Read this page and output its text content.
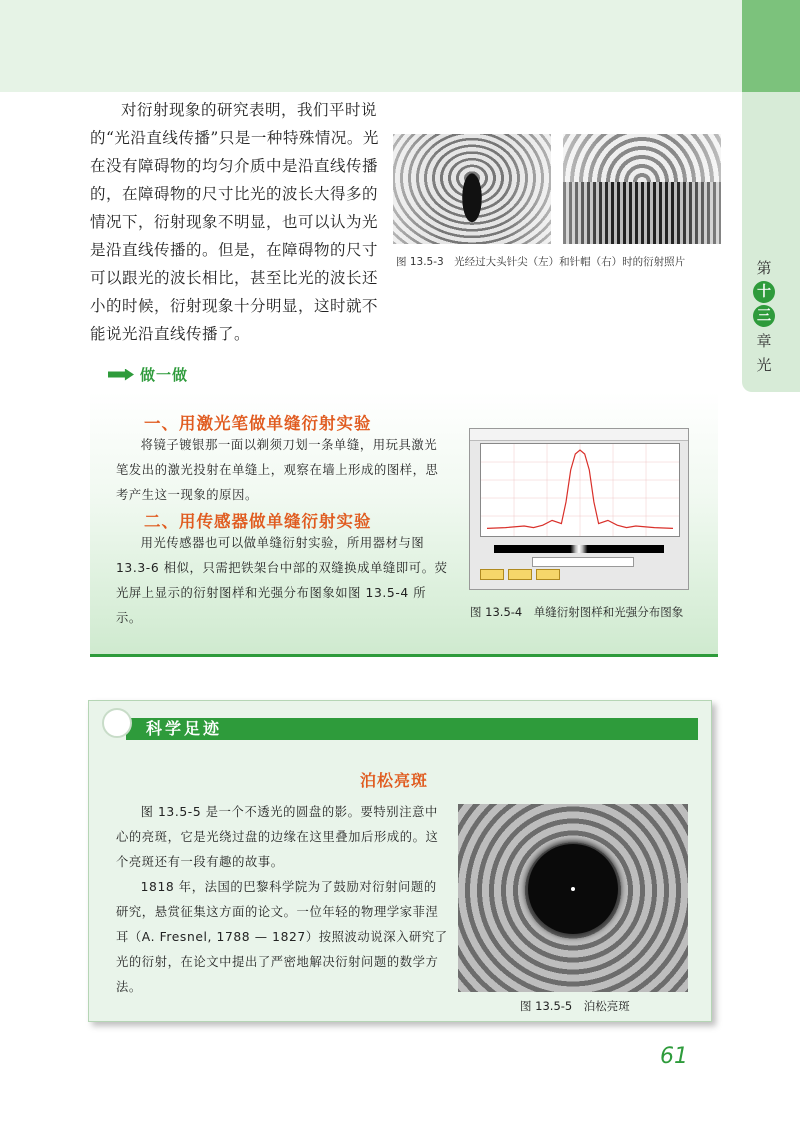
第
十
三
章
光

对衍射现象的研究表明，我们平时说的“光沿直线传播”只是一种特殊情况。光在没有障碍物的均匀介质中是沿直线传播的，在障碍物的尺寸比光的波长大得多的情况下，衍射现象不明显，也可以认为光是沿直线传播的。但是，在障碍物的尺寸可以跟光的波长相比，甚至比光的波长还小的时候，衍射现象十分明显，这时就不能说光沿直线传播了。

图 13.5-3　光经过大头针尖（左）和针帽（右）时的衍射照片
做一做
一、用激光笔做单缝衍射实验

将镜子镀银那一面以剃须刀划一条单缝，用玩具激光笔发出的激光投射在单缝上，观察在墙上形成的图样，思考产生这一现象的原因。

二、用传感器做单缝衍射实验

用光传感器也可以做单缝衍射实验，所用器材与图 13.3-6 相似，只需把铁架台中部的双缝换成单缝即可。荧光屏上显示的衍射图样和光强分布图象如图 13.5-4 所示。	图 13.5-4　单缝衍射图样和光强分布图象
科学足迹
泊松亮斑

图 13.5-5 是一个不透光的圆盘的影。要特别注意中心的亮斑，它是光绕过盘的边缘在这里叠加后形成的。这个亮斑还有一段有趣的故事。

1818 年，法国的巴黎科学院为了鼓励对衍射问题的研究，悬赏征集这方面的论文。一位年轻的物理学家菲涅耳（A. Fresnel, 1788 — 1827）按照波动说深入研究了光的衍射，在论文中提出了严密地解决衍射问题的数学方法。

图 13.5-5　泊松亮斑
61
